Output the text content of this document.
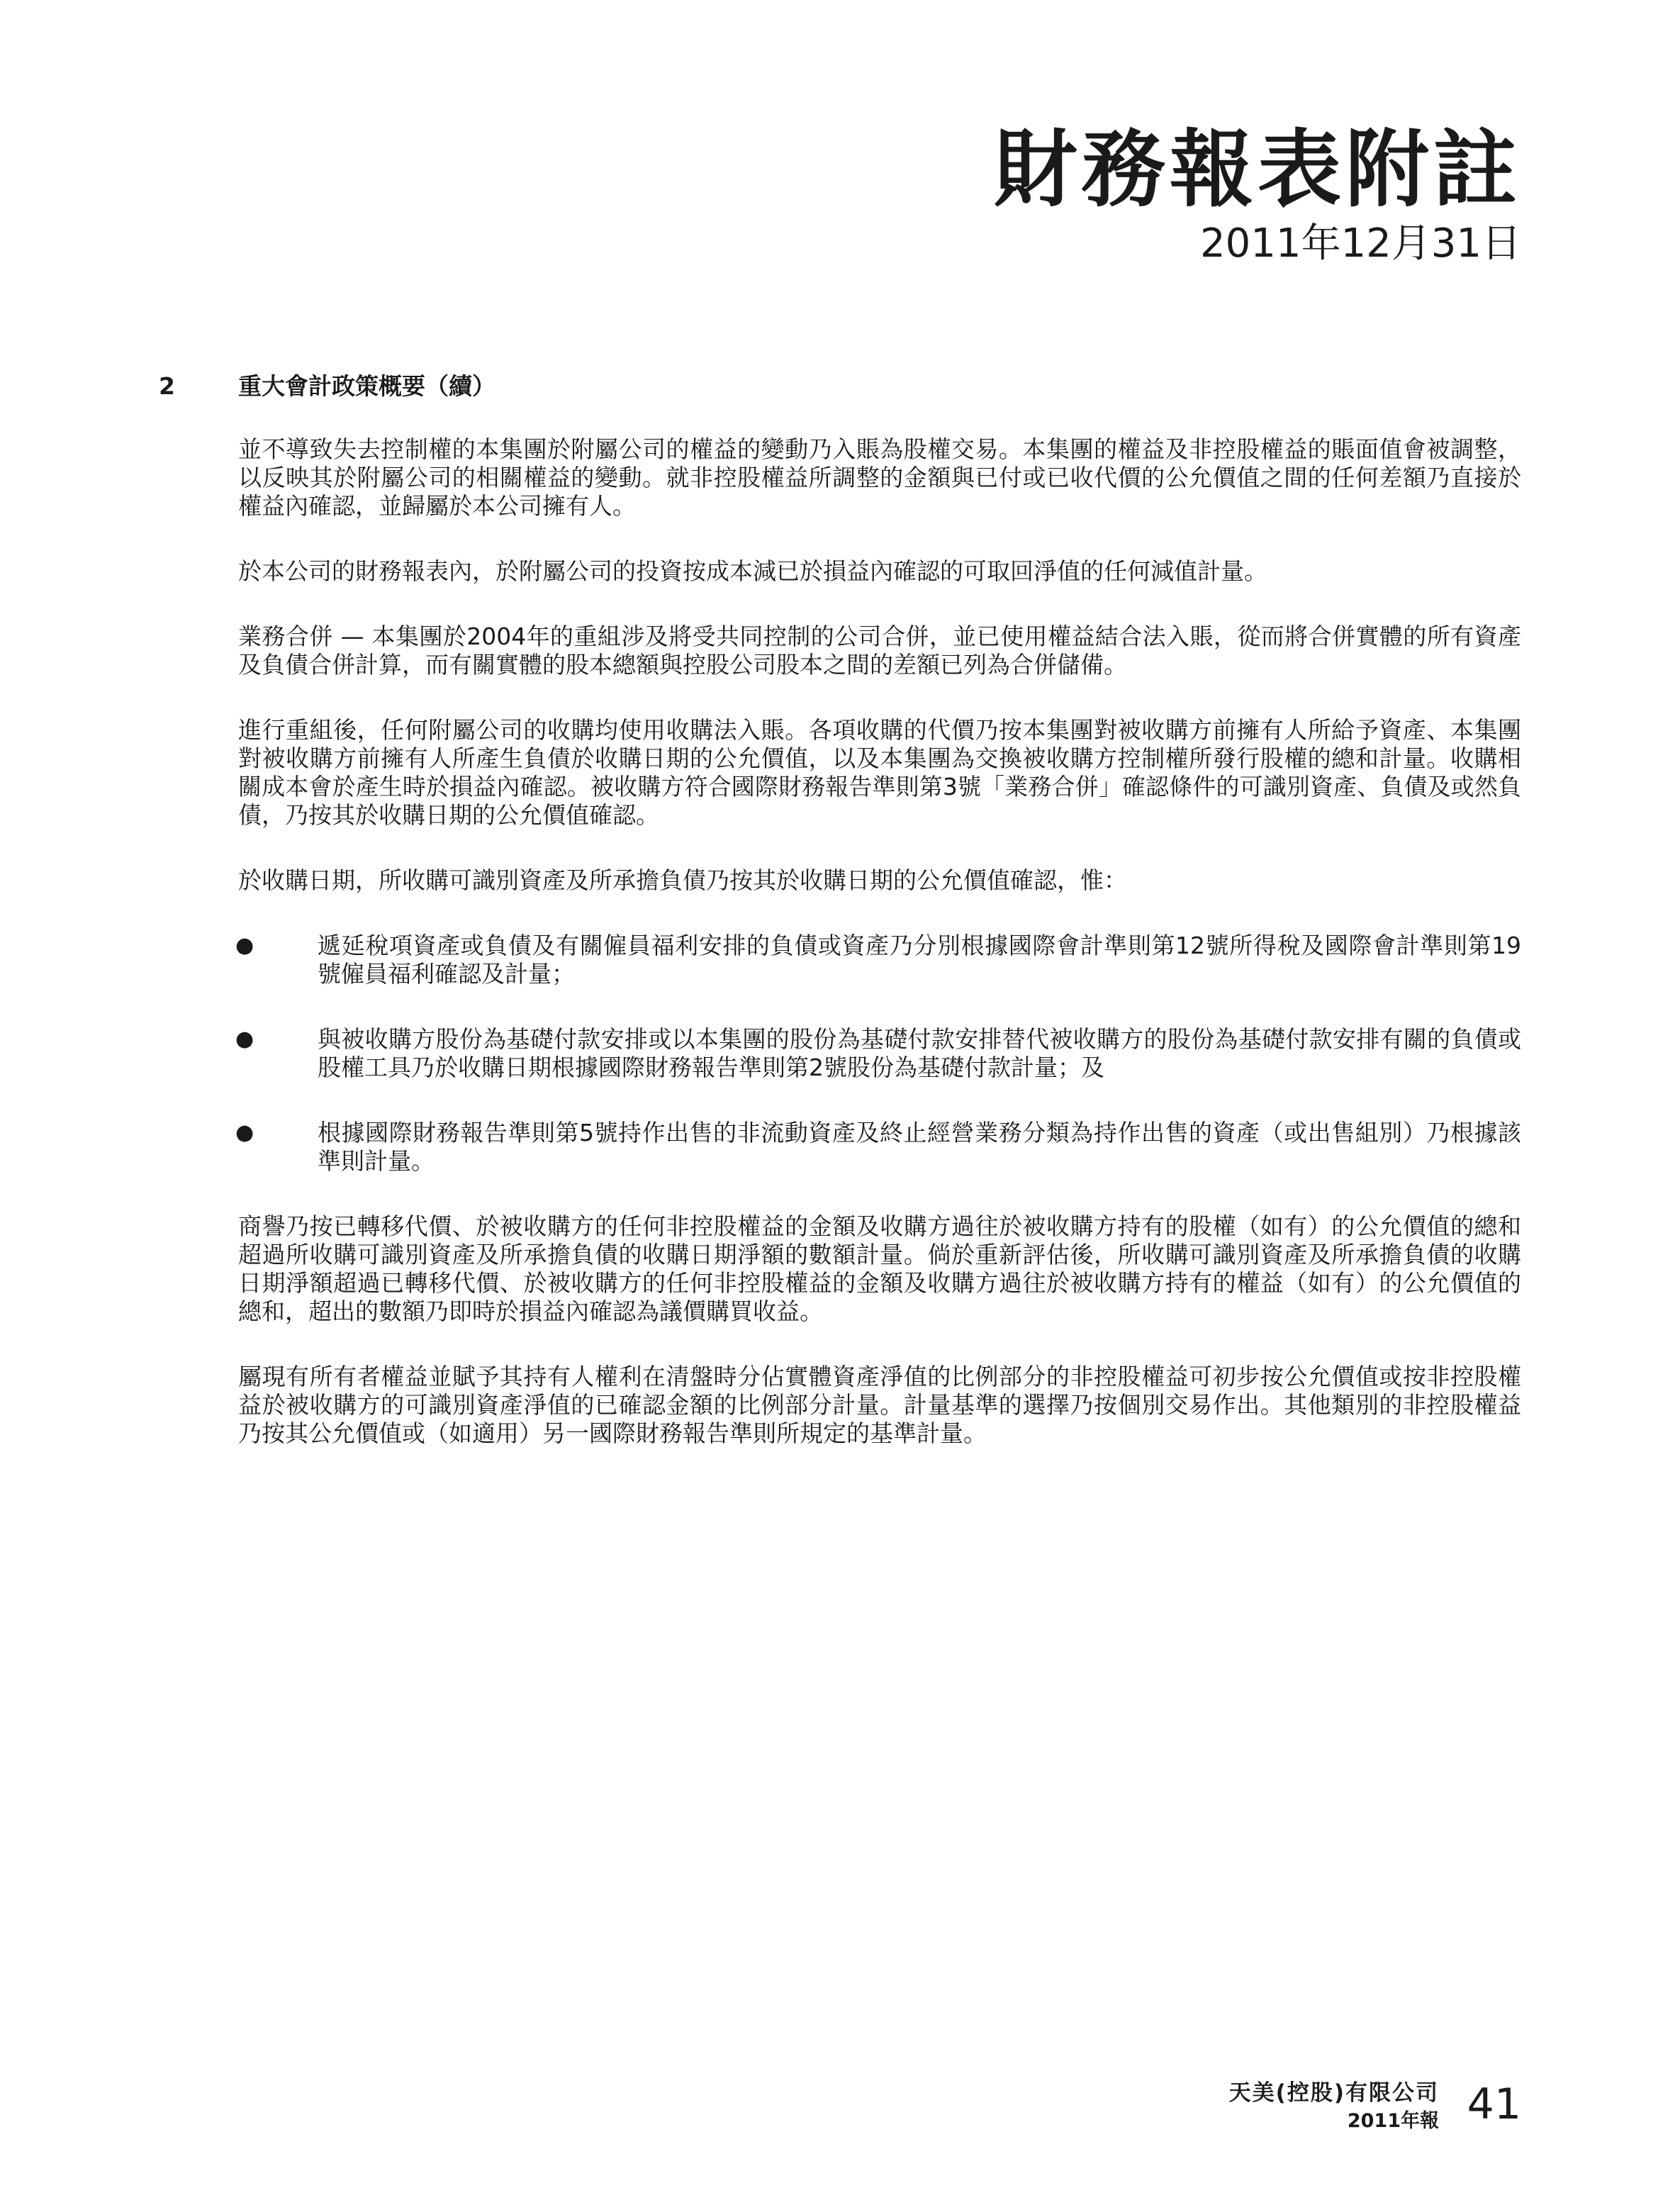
財務報表附註
2011年12月31日
2	重大會計政策概要（續）

並不導致失去控制權的本集團於附屬公司的權益的變動乃入賬為股權交易。本集團的權益及非控股權益的賬面值會被調整，以反映其於附屬公司的相關權益的變動。就非控股權益所調整的金額與已付或已收代價的公允價值之間的任何差額乃直接於權益內確認，並歸屬於本公司擁有人。

於本公司的財務報表內，於附屬公司的投資按成本減已於損益內確認的可取回淨值的任何減值計量。

業務合併 — 本集團於2004年的重組涉及將受共同控制的公司合併，並已使用權益結合法入賬，從而將合併實體的所有資產及負債合併計算，而有關實體的股本總額與控股公司股本之間的差額已列為合併儲備。

進行重組後，任何附屬公司的收購均使用收購法入賬。各項收購的代價乃按本集團對被收購方前擁有人所給予資產、本集團對被收購方前擁有人所產生負債於收購日期的公允價值，以及本集團為交換被收購方控制權所發行股權的總和計量。收購相關成本會於產生時於損益內確認。被收購方符合國際財務報告準則第3號「業務合併」確認條件的可識別資產、負債及或然負債，乃按其於收購日期的公允價值確認。

於收購日期，所收購可識別資產及所承擔負債乃按其於收購日期的公允價值確認，惟：

●	遞延稅項資產或負債及有關僱員福利安排的負債或資產乃分別根據國際會計準則第12號所得稅及國際會計準則第19號僱員福利確認及計量；
●	與被收購方股份為基礎付款安排或以本集團的股份為基礎付款安排替代被收購方的股份為基礎付款安排有關的負債或股權工具乃於收購日期根據國際財務報告準則第2號股份為基礎付款計量；及
●	根據國際財務報告準則第5號持作出售的非流動資產及終止經營業務分類為持作出售的資產（或出售組別）乃根據該準則計量。

商譽乃按已轉移代價、於被收購方的任何非控股權益的金額及收購方過往於被收購方持有的股權（如有）的公允價值的總和超過所收購可識別資產及所承擔負債的收購日期淨額的數額計量。倘於重新評估後，所收購可識別資產及所承擔負債的收購日期淨額超過已轉移代價、於被收購方的任何非控股權益的金額及收購方過往於被收購方持有的權益（如有）的公允價值的總和，超出的數額乃即時於損益內確認為議價購買收益。

屬現有所有者權益並賦予其持有人權利在清盤時分佔實體資產淨值的比例部分的非控股權益可初步按公允價值或按非控股權益於被收購方的可識別資產淨值的已確認金額的比例部分計量。計量基準的選擇乃按個別交易作出。其他類別的非控股權益乃按其公允價值或（如適用）另一國際財務報告準則所規定的基準計量。

天美(控股)有限公司
2011年報 41
